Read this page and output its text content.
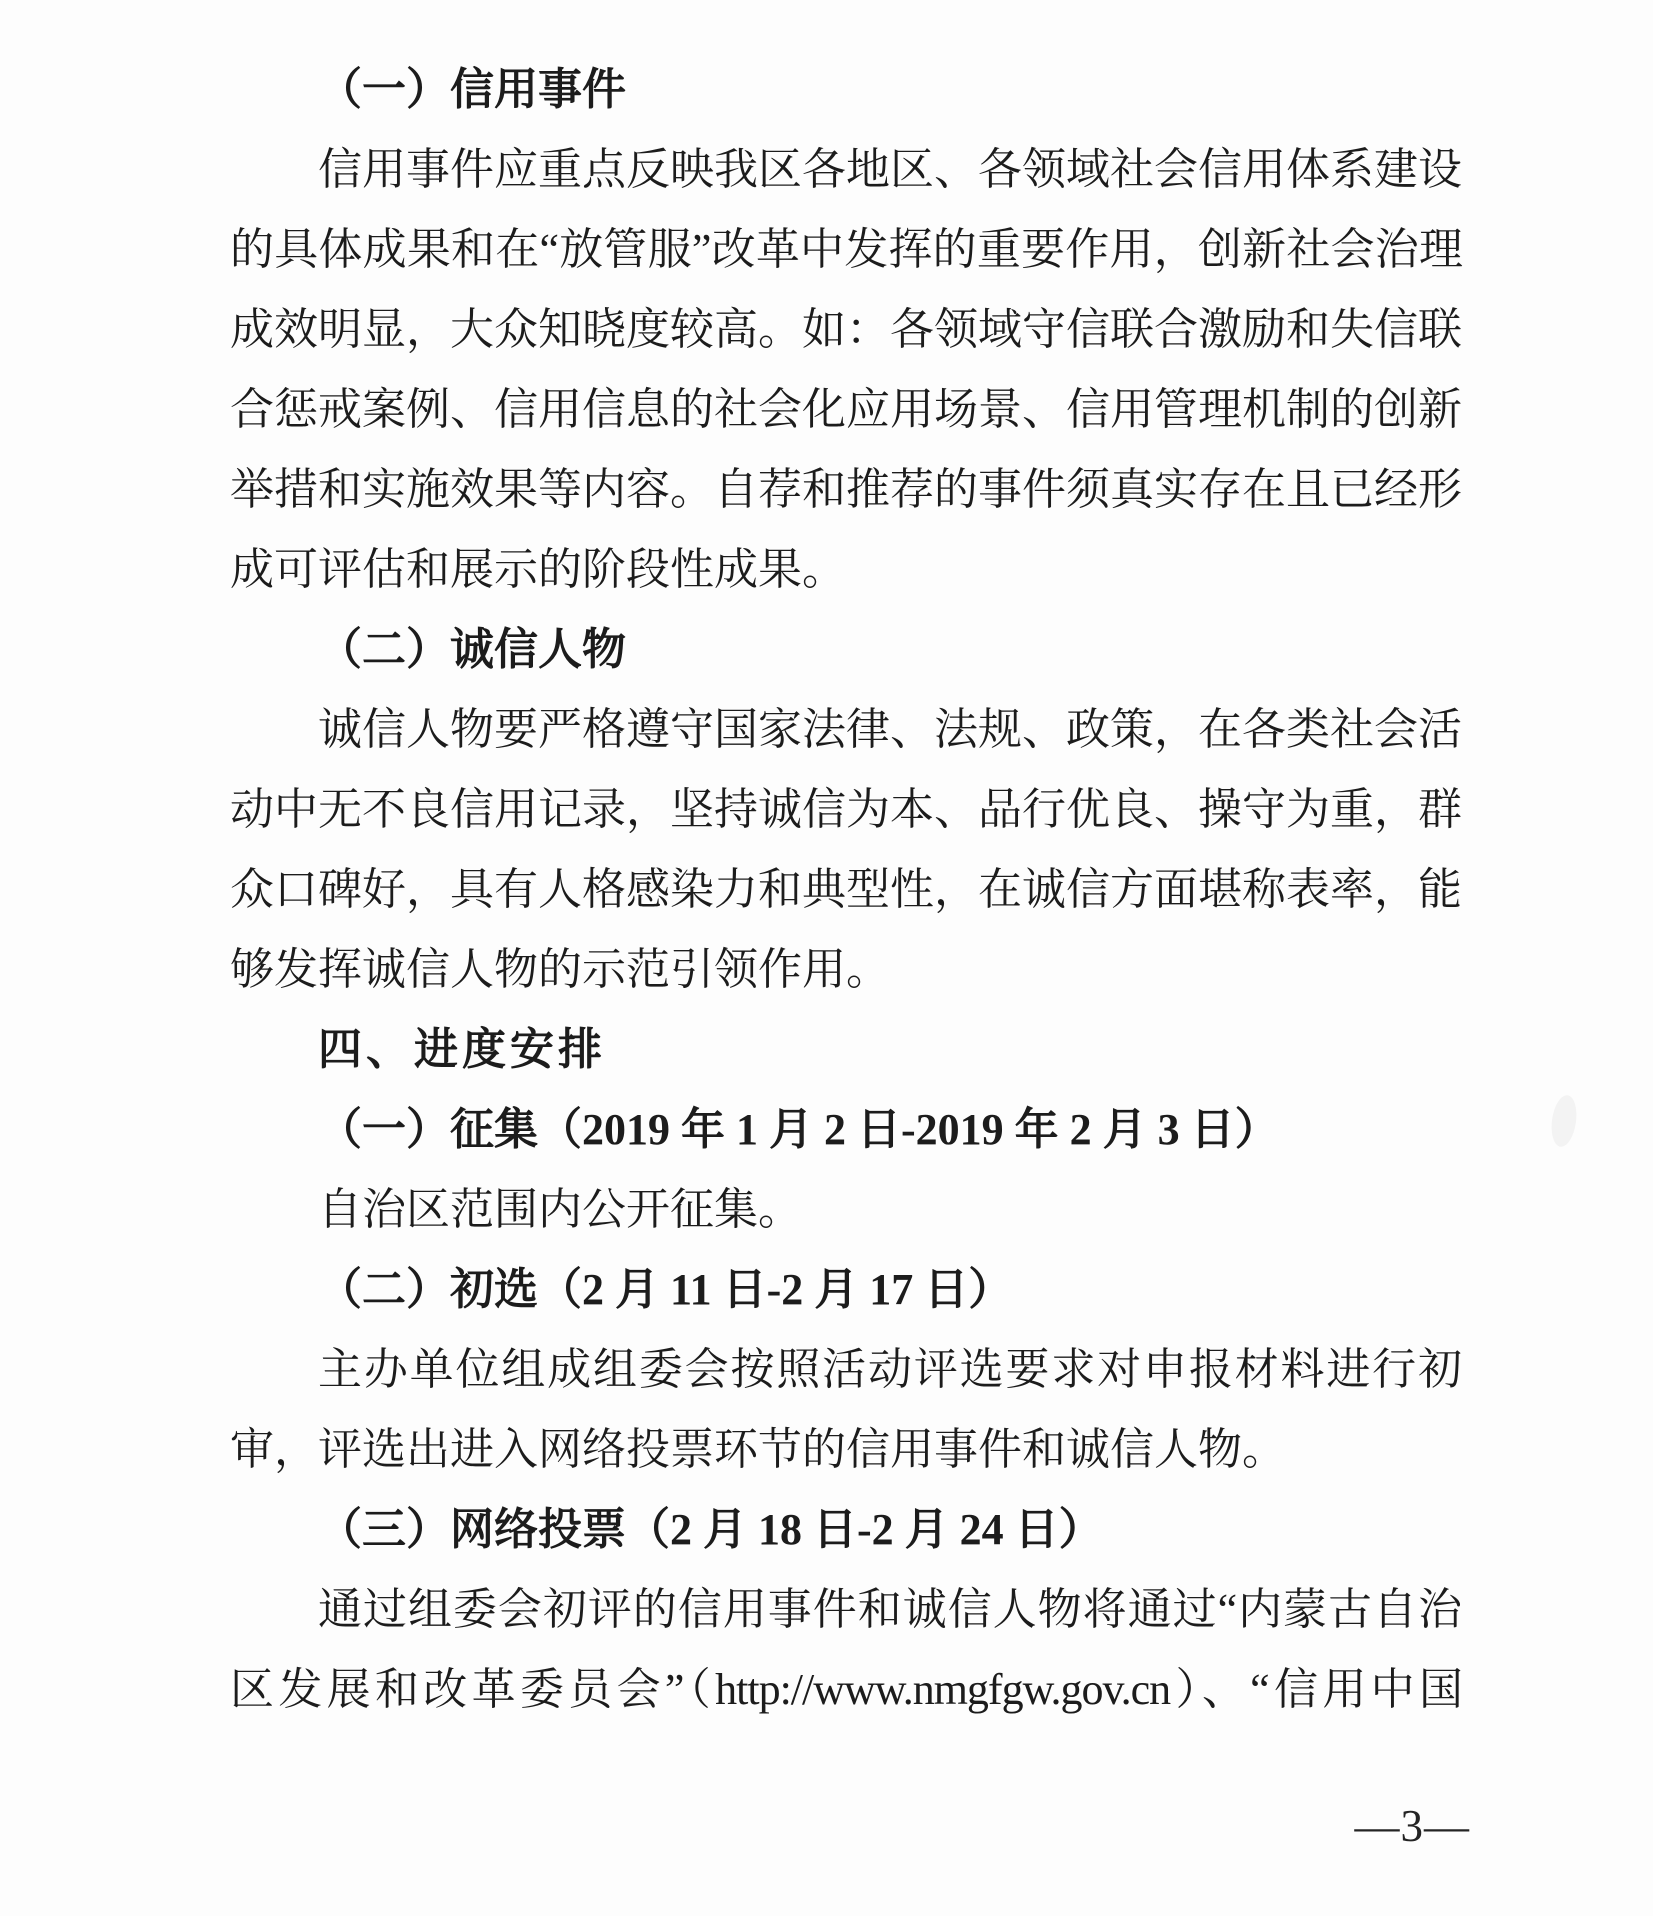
（一）信用事件
信用事件应重点反映我区各地区、各领域社会信用体系建设
的具体成果和在“放管服”改革中发挥的重要作用，创新社会治理
成效明显，大众知晓度较高。如：各领域守信联合激励和失信联
合惩戒案例、信用信息的社会化应用场景、信用管理机制的创新
举措和实施效果等内容。自荐和推荐的事件须真实存在且已经形
成可评估和展示的阶段性成果。
（二）诚信人物
诚信人物要严格遵守国家法律、法规、政策，在各类社会活
动中无不良信用记录，坚持诚信为本、品行优良、操守为重，群
众口碑好，具有人格感染力和典型性，在诚信方面堪称表率，能
够发挥诚信人物的示范引领作用。
四、进度安排
（一）征集（2019 年 1 月 2 日-2019 年 2 月 3 日）
自治区范围内公开征集。
（二）初选（2 月 11 日-2 月 17 日）
主办单位组成组委会按照活动评选要求对申报材料进行初
审，评选出进入网络投票环节的信用事件和诚信人物。
（三）网络投票（2 月 18 日-2 月 24 日）
通过组委会初评的信用事件和诚信人物将通过“内蒙古自治
区发展和改革委员会”（http://www.nmgfgw.gov.cn）、“信用中国
—3—
